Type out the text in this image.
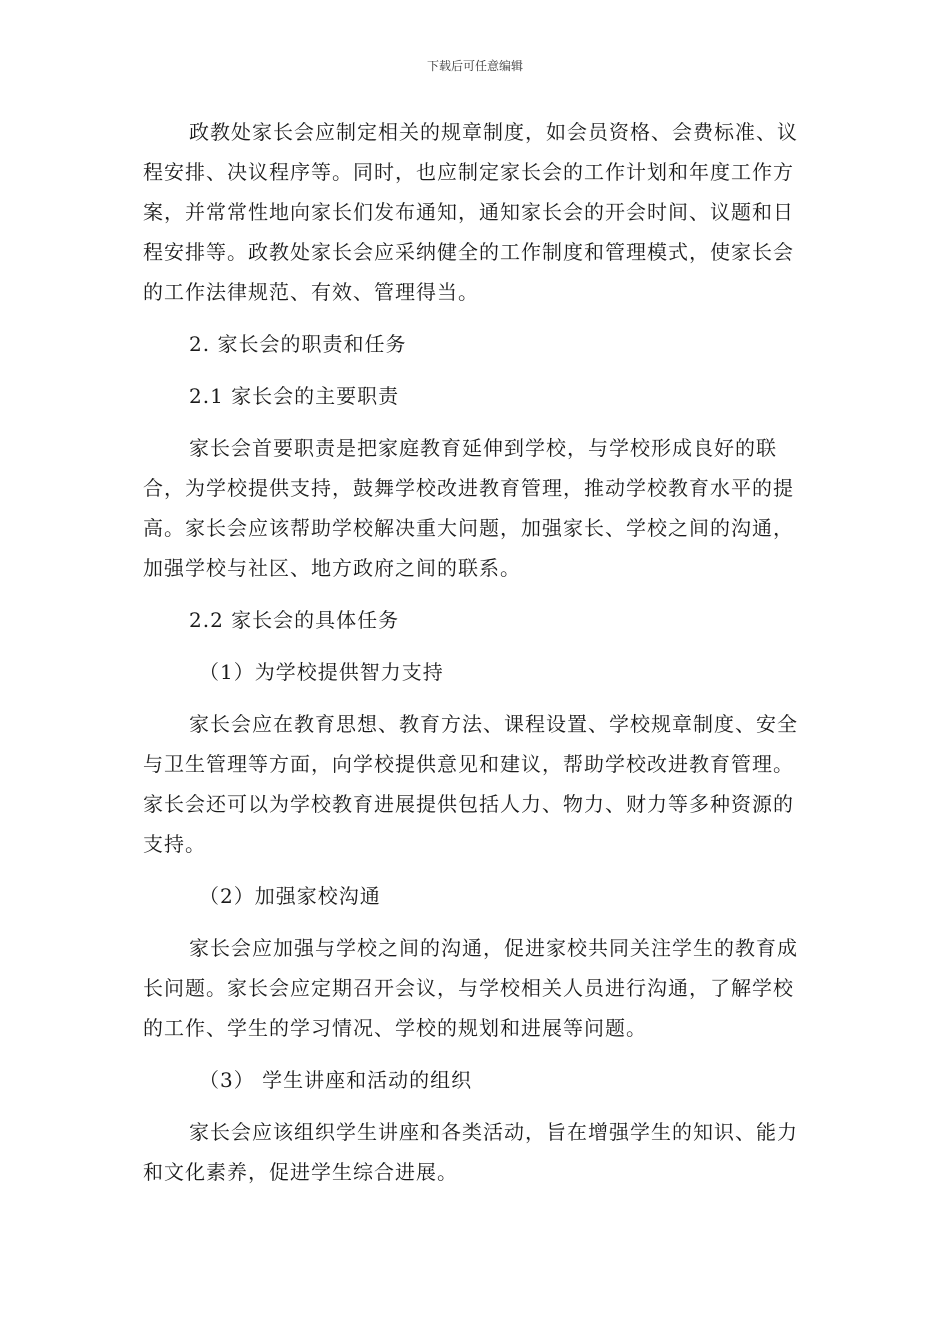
下载后可任意编辑

政教处家长会应制定相关的规章制度，如会员资格、会费标准、议程安排、决议程序等。同时，也应制定家长会的工作计划和年度工作方案，并常常性地向家长们发布通知，通知家长会的开会时间、议题和日程安排等。政教处家长会应采纳健全的工作制度和管理模式，使家长会的工作法律规范、有效、管理得当。

2. 家长会的职责和任务

2.1 家长会的主要职责

家长会首要职责是把家庭教育延伸到学校，与学校形成良好的联合，为学校提供支持，鼓舞学校改进教育管理，推动学校教育水平的提高。家长会应该帮助学校解决重大问题，加强家长、学校之间的沟通，加强学校与社区、地方政府之间的联系。

2.2 家长会的具体任务

（1）为学校提供智力支持

家长会应在教育思想、教育方法、课程设置、学校规章制度、安全与卫生管理等方面，向学校提供意见和建议，帮助学校改进教育管理。家长会还可以为学校教育进展提供包括人力、物力、财力等多种资源的支持。

（2）加强家校沟通

家长会应加强与学校之间的沟通，促进家校共同关注学生的教育成长问题。家长会应定期召开会议，与学校相关人员进行沟通，了解学校的工作、学生的学习情况、学校的规划和进展等问题。

（3） 学生讲座和活动的组织

家长会应该组织学生讲座和各类活动，旨在增强学生的知识、能力和文化素养，促进学生综合进展。
